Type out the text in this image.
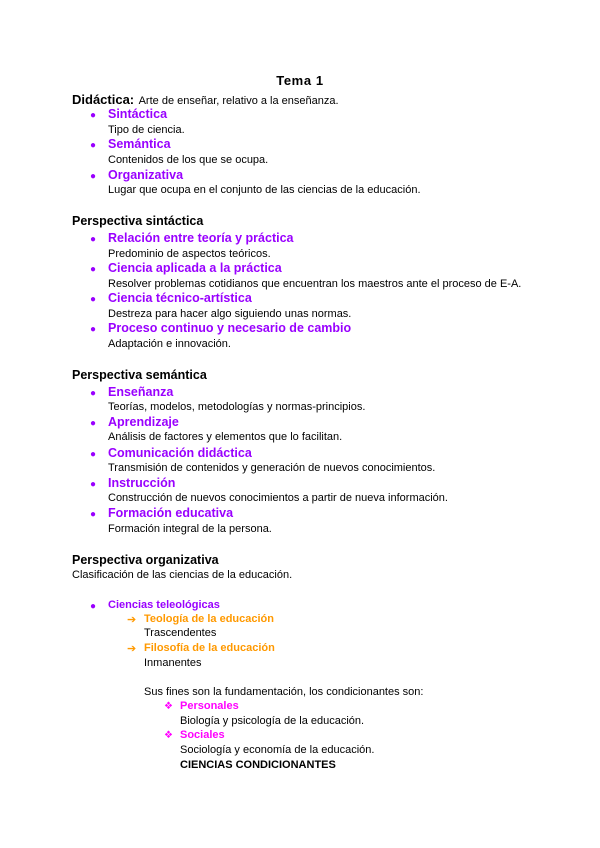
Tema 1
Didáctica: Arte de enseñar, relativo a la enseñanza.
● Sintáctica
Tipo de ciencia.
● Semántica
Contenidos de los que se ocupa.
● Organizativa
Lugar que ocupa en el conjunto de las ciencias de la educación.
Perspectiva sintáctica
● Relación entre teoría y práctica
Predominio de aspectos teóricos.
● Ciencia aplicada a la práctica
Resolver problemas cotidianos que encuentran los maestros ante el proceso de E-A.
● Ciencia técnico-artística
Destreza para hacer algo siguiendo unas normas.
● Proceso continuo y necesario de cambio
Adaptación e innovación.
Perspectiva semántica
● Enseñanza
Teorías, modelos, metodologías y normas-principios.
● Aprendizaje
Análisis de factores y elementos que lo facilitan.
● Comunicación didáctica
Transmisión de contenidos y generación de nuevos conocimientos.
● Instrucción
Construcción de nuevos conocimientos a partir de nueva información.
● Formación educativa
Formación integral de la persona.
Perspectiva organizativa
Clasificación de las ciencias de la educación.
● Ciencias teleológicas
➔ Teología de la educación
Trascendentes
➔ Filosofía de la educación
Inmanentes
Sus fines son la fundamentación, los condicionantes son:
❖ Personales
Biología y psicología de la educación.
❖ Sociales
Sociología y economía de la educación.
CIENCIAS CONDICIONANTES
